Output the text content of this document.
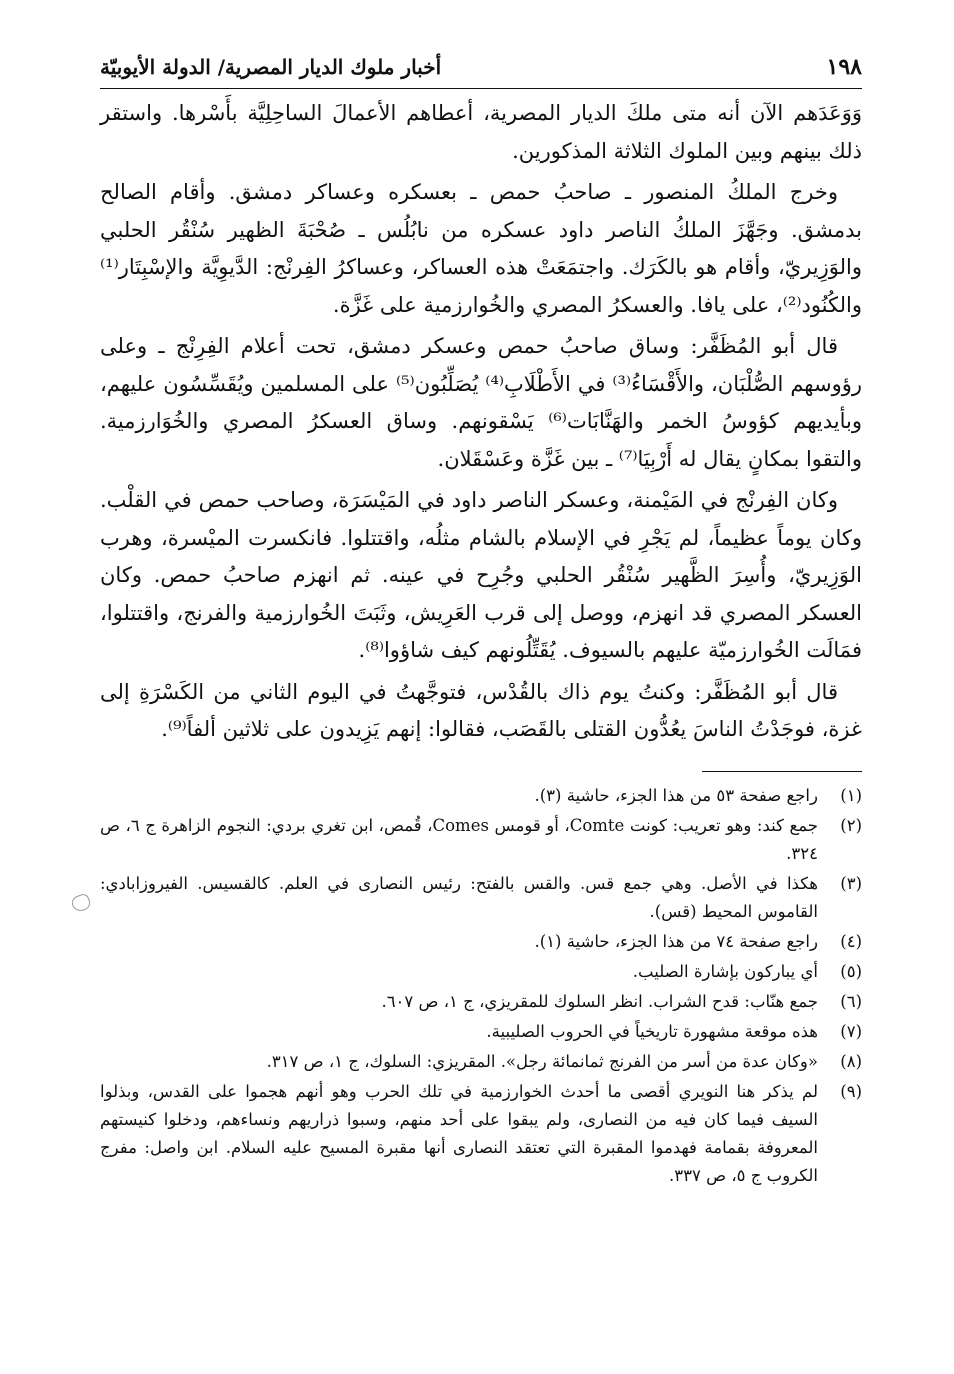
١٩٨
أخبار ملوك الديار المصرية/ الدولة الأيوبيّة

وَوَعَدَهم الآن أنه متى ملكَ الديار المصرية، أعطاهم الأعمالَ الساحِلِيَّة بأَسْرها. واستقر ذلك بينهم وبين الملوك الثلاثة المذكورين.

وخرج الملكُ المنصور ـ صاحبُ حمص ـ بعسكره وعساكر دمشق. وأقام الصالح بدمشق. وجَهَّزَ الملكُ الناصر داود عسكره من نابُلُس ـ صُحْبَةَ الظهير سُنْقُر الحلبي والوَزِيريّ، وأقام هو بالكَرَك. واجتمَعَتْ هذه العساكر، وعساكرُ الفِرنْج: الدَّيوِيَّة والإسْبِتَار⁽¹⁾ والكُنُود⁽²⁾، على يافا. والعسكرُ المصري والخُوارزمية على غَزَّة.

قال أبو المُظَفَّر: وساق صاحبُ حمص وعسكر دمشق، تحت أعلام الفِرِنْج ـ وعلى رؤوسهم الصُّلْبَان، والأَقْسَاءُ⁽³⁾ في الأَطْلَابِ⁽⁴⁾ يُصَلِّبُون⁽⁵⁾ على المسلمين ويُقَسِّسُون عليهم، وبأيديهم كؤوسُ الخمر والهَنَّابَات⁽⁶⁾ يَسْقونهم. وساق العسكرُ المصري والخُوَارزمية. والتقوا بمكانٍ يقال له أَرْبِيَا⁽⁷⁾ ـ بين غَزَّة وعَسْقَلان.

وكان الفِرنْج في المَيْمنة، وعسكر الناصر داود في المَيْسَرَة، وصاحب حمص في القلْب. وكان يوماً عظيماً، لم يَجْرِ في الإسلام بالشام مثلُه، واقتتلوا. فانكسرت الميْسرة، وهرب الوَزِيريّ، وأُسِرَ الظَّهير سُنْقُر الحلبي وجُرِح في عينه. ثم انهزم صاحبُ حمص. وكان العسكر المصري قد انهزم، ووصل إلى قرب العَرِيش، وثَبَتَ الخُوارزمية والفرنج، واقتتلوا، فمَالَت الخُوارزميّة عليهم بالسيوف. يُقَتِّلُونهم كيف شاؤوا⁽⁸⁾.

قال أبو المُظَفَّر: وكنتُ يوم ذاك بالقُدْس، فتوجَّهتُ في اليوم الثاني من الكَسْرَةِ إلى غزة، فوجَدْتُ الناسَ يعُدُّون القتلى بالقَصَب، فقالوا: إنهم يَزِيدون على ثلاثين ألفاً⁽⁹⁾.

(١)
راجع صفحة ٥٣ من هذا الجزء، حاشية (٣).
(٢)
جمع كند: وهو تعريب: كونت Comte، أو قومس Comes، قُمص، ابن تغري بردي: النجوم الزاهرة ج ٦، ص ٣٢٤.
(٣)
هكذا في الأصل. وهي جمع قس. والقس بالفتح: رئيس النصارى في العلم. كالقسيس. الفيروزابادي: القاموس المحيط (قس).
(٤)
راجع صفحة ٧٤ من هذا الجزء، حاشية (١).
(٥)
أي يباركون بإشارة الصليب.
(٦)
جمع هنّاب: قدح الشراب. انظر السلوك للمقريزي، ج ١، ص ٦٠٧.
(٧)
هذه موقعة مشهورة تاريخياً في الحروب الصليبية.
(٨)
«وكان عدة من أسر من الفرنج ثمانمائة رجل». المقريزي: السلوك، ج ١، ص ٣١٧.
(٩)
لم يذكر هنا النويري أقصى ما أحدث الخوارزمية في تلك الحرب وهو أنهم هجموا على القدس، وبذلوا السيف فيما كان فيه من النصارى، ولم يبقوا على أحد منهم، وسبوا ذراريهم ونساءهم، ودخلوا كنيستهم المعروفة بقمامة فهدموا المقبرة التي تعتقد النصارى أنها مقبرة المسيح عليه السلام. ابن واصل: مفرج الكروب ج ٥، ص ٣٣٧.
